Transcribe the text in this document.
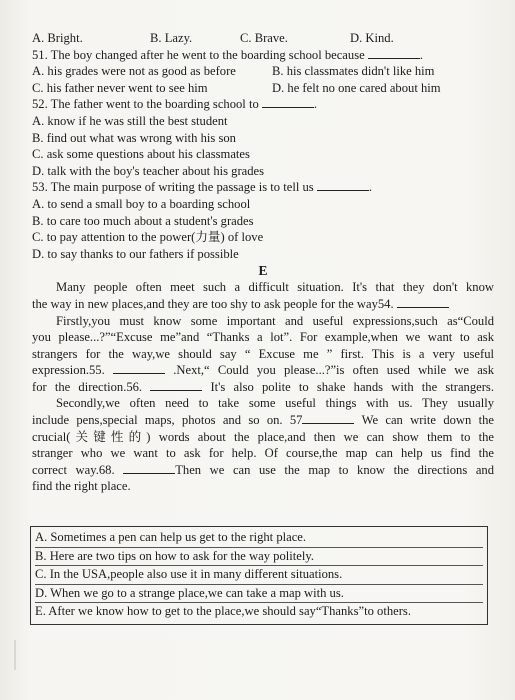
A. Bright.	B. Lazy.	C. Brave.	D. Kind.
51. The boy changed after he went to the boarding school because	.
A. his grades were not as good as before	B. his classmates didn't like him
C. his father never went to see him	D. he felt no one cared about him
52. The father went to the boarding school to	.
A. know if he was still the best student
B. find out what was wrong with his son
C. ask some questions about his classmates
D. talk with the boy's teacher about his grades
53. The main purpose of writing the passage is to tell us	.
A. to send a small boy to a boarding school
B. to care too much about a student's grades
C. to pay attention to the power(力量) of love
D. to say thanks to our fathers if possible
E
Many people often meet such a difficult situation. It's that they don't know
the way in new places,and they are too shy to ask people for the way54.
Firstly,you must know some important and useful expressions,such as“Could
you please...?”“Excuse me”and “Thanks a lot”. For example,when we want to ask
strangers for the way,we should say “ Excuse me ” first. This is a very useful
expression.55.	.Next,“ Could you please...?”is often used while we ask
for the direction.56.	It's also polite to shake hands with the strangers.
Secondly,we often need to take some useful things with us. They usually
include pens,special maps, photos and so on. 57	We can write down the
crucial(关键性的) words about the place,and then we can show them to the
stranger who we want to ask for help. Of course,the map can help us find the
correct way.68.	Then we can use the map to know the directions and
find the right place.
A. Sometimes a pen can help us get to the right place.
B. Here are two tips on how to ask for the way politely.
C. In the USA,people also use it in many different situations.
D. When we go to a strange place,we can take a map with us.
E. After we know how to get to the place,we should say“Thanks”to others.
